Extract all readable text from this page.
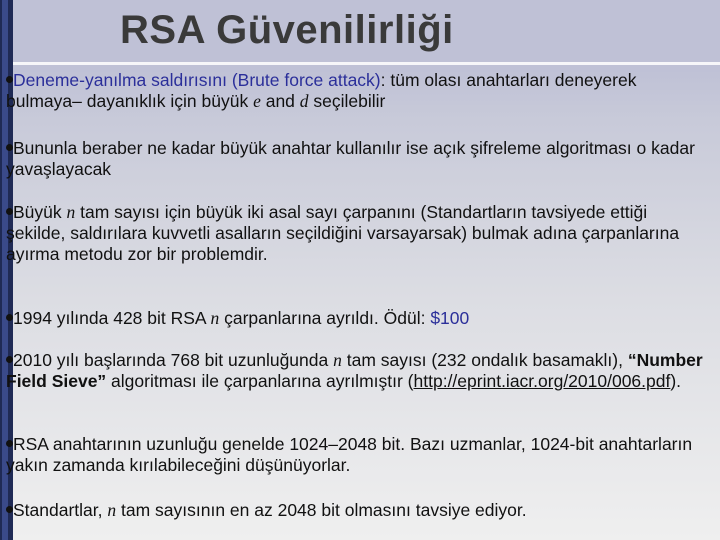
RSA Güvenilirliği

Deneme-yanılma saldırısını (Brute force attack): tüm olası anahtarları deneyerek bulmaya– dayanıklık için büyük e and d seçilebilir

Bununla beraber ne kadar büyük anahtar kullanılır ise açık şifreleme algoritması o kadar yavaşlayacak

Büyük n tam sayısı için büyük iki asal sayı çarpanını (Standartların tavsiyede ettiği şekilde, saldırılara kuvvetli asalların seçildiğini varsayarsak) bulmak adına çarpanlarına ayırma metodu zor bir problemdir.

1994 yılında 428 bit RSA n çarpanlarına ayrıldı. Ödül: $100

2010 yılı başlarında 768 bit uzunluğunda n tam sayısı (232 ondalık basamaklı), “Number Field Sieve” algoritması ile çarpanlarına ayrılmıştır (http://eprint.iacr.org/2010/006.pdf).

RSA anahtarının uzunluğu genelde 1024–2048 bit. Bazı uzmanlar, 1024-bit anahtarların yakın zamanda kırılabileceğini düşünüyorlar.

Standartlar, n tam sayısının en az 2048 bit olmasını tavsiye ediyor.
